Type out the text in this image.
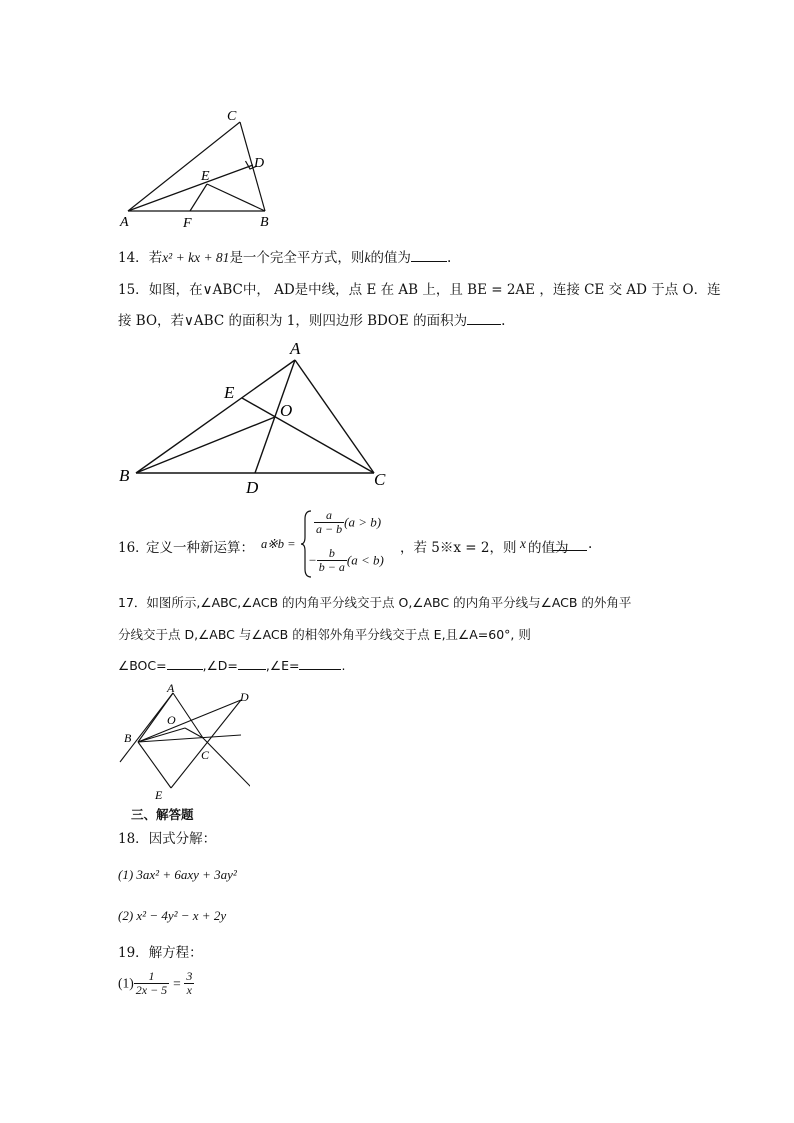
A	B
C
D
E
F
14．若x² + kx + 81是一个完全平方式，则k的值为	.
15．如图，在∨ABC中， AD是中线，点 E 在 AB 上，且 BE = 2AE ，连接 CE 交 AD 于点 O．连
接 BO，若∨ABC 的面积为 1，则四边形 BDOE 的面积为	.
A
B	C
D
E
O
16．
定义一种新运算： a※b =
$\frac{a}{a - b} (a > b)$
− $\frac{b}{b - a} (a < b)$
，若 5※x = 2，则 x 的值为 .
17．如图所示,∠ABC,∠ACB 的内角平分线交于点 O,∠ABC 的内角平分线与∠ACB 的外角平
分线交于点 D,∠ABC 与∠ACB 的相邻外角平分线交于点 E,且∠A=60°, 则
∠BOC=	,∠D= ,∠E=	.
A
B
C
D
E
O
三、解答题
18．因式分解：
(1) 3ax² + 6axy + 3ay²
(2) x² − 4y² − x + 2y
19．解方程：
$(1) \frac{1}{2x - 5} = \frac{3}{x}$
